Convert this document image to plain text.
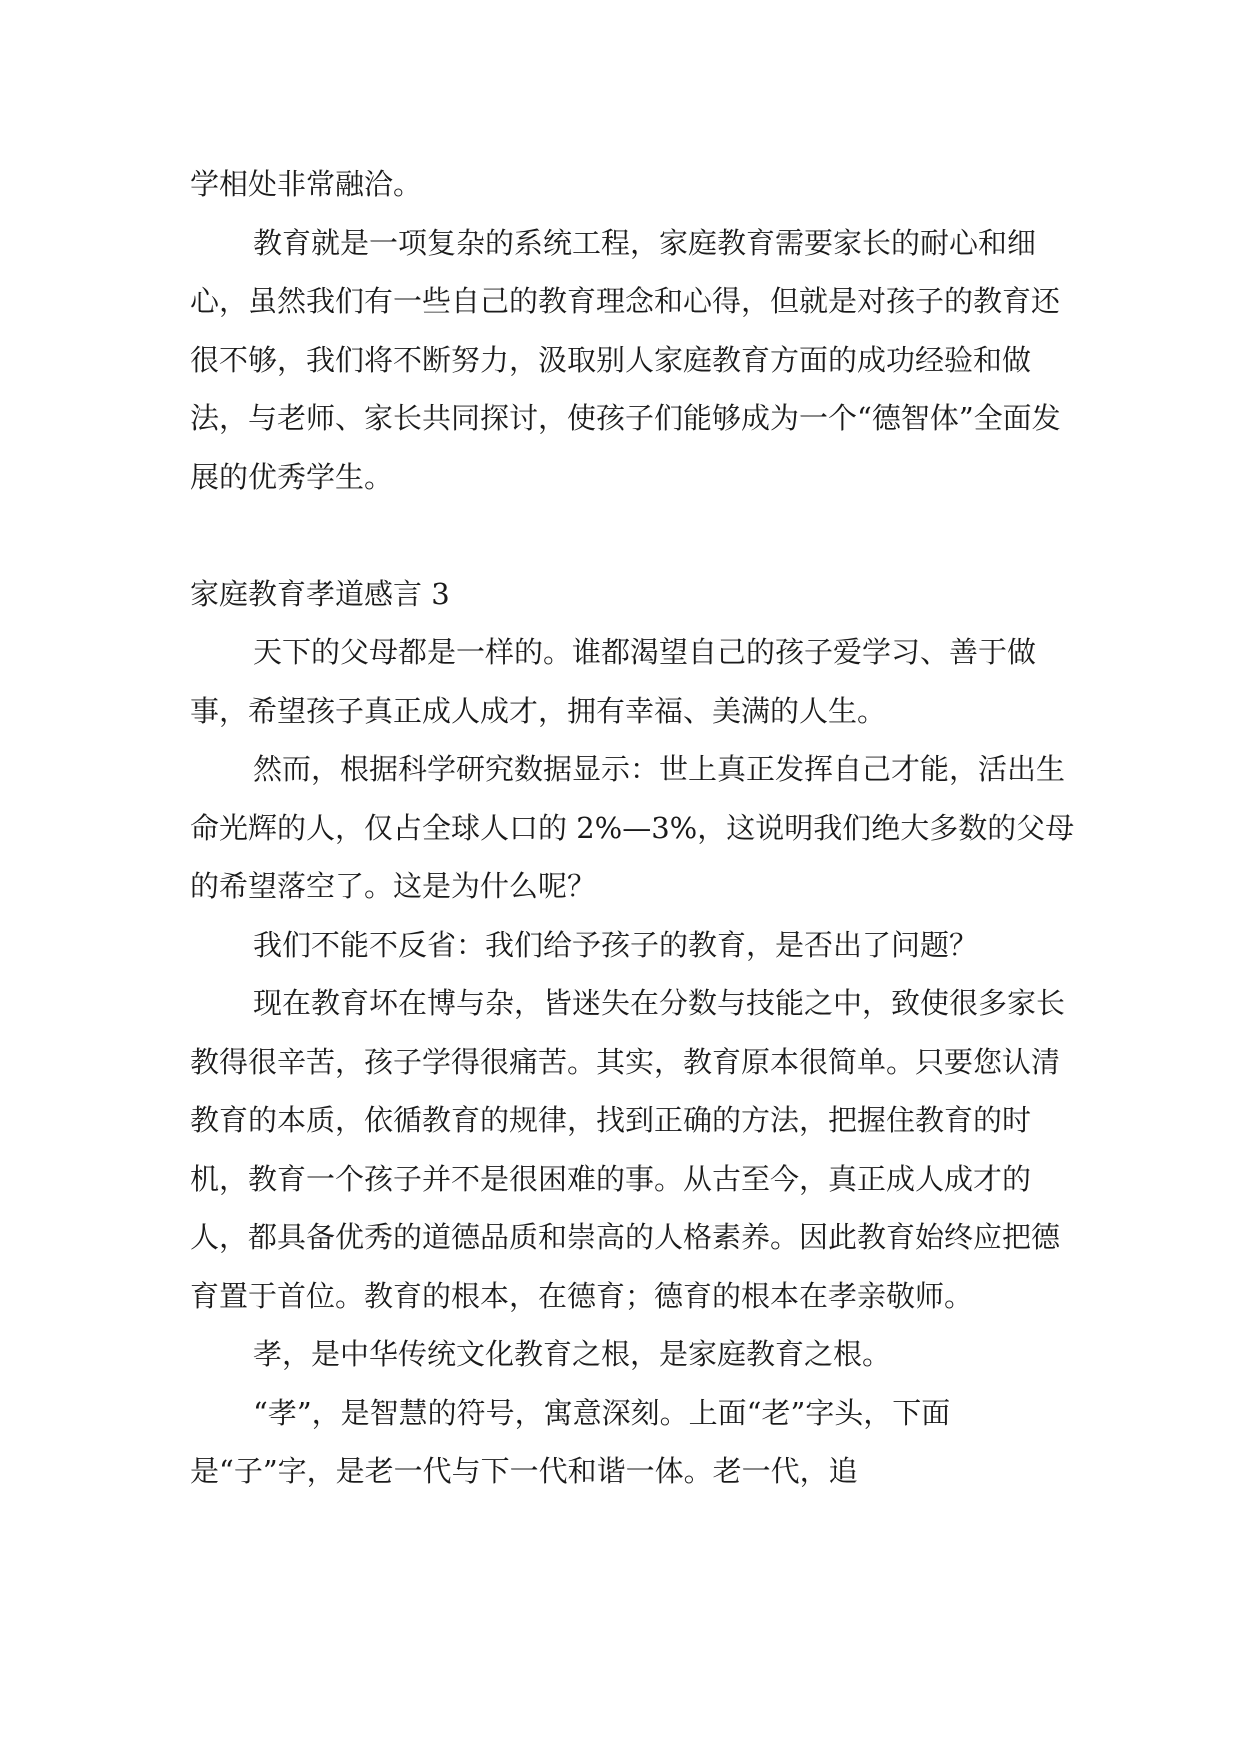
学相处非常融洽。

教育就是一项复杂的系统工程，家庭教育需要家长的耐心和细心，虽然我们有一些自己的教育理念和心得，但就是对孩子的教育还很不够，我们将不断努力，汲取别人家庭教育方面的成功经验和做法，与老师、家长共同探讨，使孩子们能够成为一个“德智体”全面发展的优秀学生。

家庭教育孝道感言 3

天下的父母都是一样的。谁都渴望自己的孩子爱学习、善于做事，希望孩子真正成人成才，拥有幸福、美满的人生。

然而，根据科学研究数据显示：世上真正发挥自己才能，活出生命光辉的人，仅占全球人口的 2%—3%，这说明我们绝大多数的父母的希望落空了。这是为什么呢？

我们不能不反省：我们给予孩子的教育，是否出了问题？

现在教育坏在博与杂，皆迷失在分数与技能之中，致使很多家长教得很辛苦，孩子学得很痛苦。其实，教育原本很简单。只要您认清教育的本质，依循教育的规律，找到正确的方法，把握住教育的时机，教育一个孩子并不是很困难的事。从古至今，真正成人成才的人，都具备优秀的道德品质和崇高的人格素养。因此教育始终应把德育置于首位。教育的根本，在德育；德育的根本在孝亲敬师。

孝，是中华传统文化教育之根，是家庭教育之根。

“孝”，是智慧的符号，寓意深刻。上面“老”字头，下面是“子”字，是老一代与下一代和谐一体。老一代，追
